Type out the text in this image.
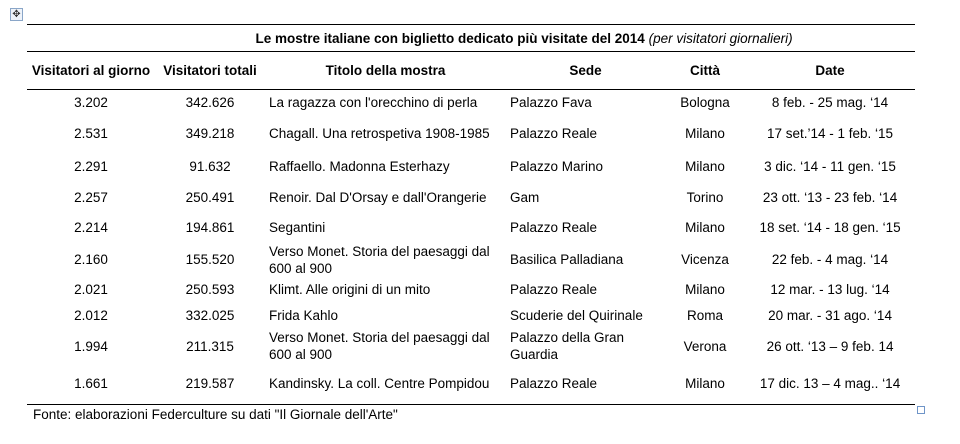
✥
Le mostre italiane con biglietto dedicato più visitate del 2014 (per visitatori giornalieri)					
Visitatori al giorno	Visitatori totali	Titolo della mostra	Sede	Città	Date
3.202	342.626	La ragazza con l'orecchino di perla	Palazzo Fava	Bologna	8 feb. - 25 mag. ‘14
2.531	349.218	Chagall. Una retrospetiva 1908-1985	Palazzo Reale	Milano	17 set.’14 - 1 feb. ‘15
2.291	91.632	Raffaello. Madonna Esterhazy	Palazzo Marino	Milano	3 dic. ‘14 - 11 gen. ‘15
2.257	250.491	Renoir. Dal D'Orsay e dall'Orangerie	Gam	Torino	23 ott. ‘13 - 23 feb. ‘14
2.214	194.861	Segantini	Palazzo Reale	Milano	18 set. ‘14 - 18 gen. ‘15
2.160	155.520	Verso Monet. Storia del paesaggi dal 600 al 900	Basilica Palladiana	Vicenza	22 feb. - 4 mag. ‘14
2.021	250.593	Klimt. Alle origini di un mito	Palazzo Reale	Milano	12 mar. - 13 lug. ‘14
2.012	332.025	Frida Kahlo	Scuderie del Quirinale	Roma	20 mar. - 31 ago. ‘14
1.994	211.315	Verso Monet. Storia del paesaggi dal 600 al 900	Palazzo della Gran Guardia	Verona	26 ott. ‘13 – 9 feb. 14
1.661	219.587	Kandinsky. La coll. Centre Pompidou	Palazzo Reale	Milano	17 dic. 13 – 4 mag.. ‘14
Fonte: elaborazioni Federculture su dati "Il Giornale dell'Arte"
